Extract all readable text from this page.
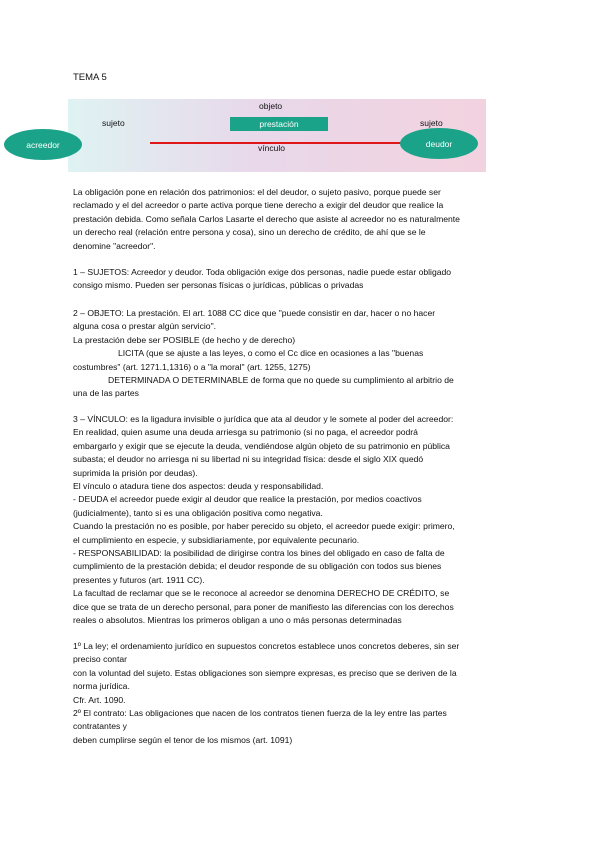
TEMA 5
objeto
prestación
vínculo
sujeto	sujeto
acreedor	deudor
La obligación pone en relación dos patrimonios: el del deudor, o sujeto pasivo, porque puede ser
reclamado y el del acreedor o parte activa porque tiene derecho a exigir del deudor que realice la
prestación debida. Como señala Carlos Lasarte el derecho que asiste al acreedor no es naturalmente
un derecho real (relación entre persona y cosa), sino un derecho de crédito, de ahí que se le
denomine "acreedor".
1 – SUJETOS: Acreedor y deudor. Toda obligación exige dos personas, nadie puede estar obligado
consigo mismo. Pueden ser personas físicas o jurídicas, públicas o privadas
2 – OBJETO: La prestación. El art. 1088 CC dice que "puede consistir en dar, hacer o no hacer
alguna cosa o prestar algún servicio".
La prestación debe ser POSIBLE (de hecho y de derecho)
LICITA (que se ajuste a las leyes, o como el Cc dice en ocasiones a las "buenas
costumbres" (art. 1271.1,1316) o a "la moral" (art. 1255, 1275)
DETERMINADA O DETERMINABLE de forma que no quede su cumplimiento al arbitrio de
una de las partes
3 – VÍNCULO: es la ligadura invisible o jurídica que ata al deudor y le somete al poder del acreedor:
En realidad, quien asume una deuda arriesga su patrimonio (si no paga, el acreedor podrá
embargarlo y exigir que se ejecute la deuda, vendiéndose algún objeto de su patrimonio en pública
subasta; el deudor no arriesga ni su libertad ni su integridad física: desde el siglo XIX quedó
suprimida la prisión por deudas).
El vínculo o atadura tiene dos aspectos: deuda y responsabilidad.
- DEUDA el acreedor puede exigir al deudor que realice la prestación, por medios coactivos
(judicialmente), tanto si es una obligación positiva como negativa.
Cuando la prestación no es posible, por haber perecido su objeto, el acreedor puede exigir: primero,
el cumplimiento en especie, y subsidiariamente, por equivalente pecunario.
- RESPONSABILIDAD: la posibilidad de dirigirse contra los bines del obligado en caso de falta de
cumplimiento de la prestación debida; el deudor responde de su obligación con todos sus bienes
presentes y futuros (art. 1911 CC).
La facultad de reclamar que se le reconoce al acreedor se denomina DERECHO DE CRÉDITO, se
dice que se trata de un derecho personal, para poner de manifiesto las diferencias con los derechos
reales o absolutos. Mientras los primeros obligan a uno o más personas determinadas
1º La ley; el ordenamiento jurídico en supuestos concretos establece unos concretos deberes, sin ser
preciso contar
con la voluntad del sujeto. Estas obligaciones son siempre expresas, es preciso que se deriven de la
norma jurídica.
Cfr. Art. 1090.
2º El contrato: Las obligaciones que nacen de los contratos tienen fuerza de la ley entre las partes
contratantes y
deben cumplirse según el tenor de los mismos (art. 1091)
